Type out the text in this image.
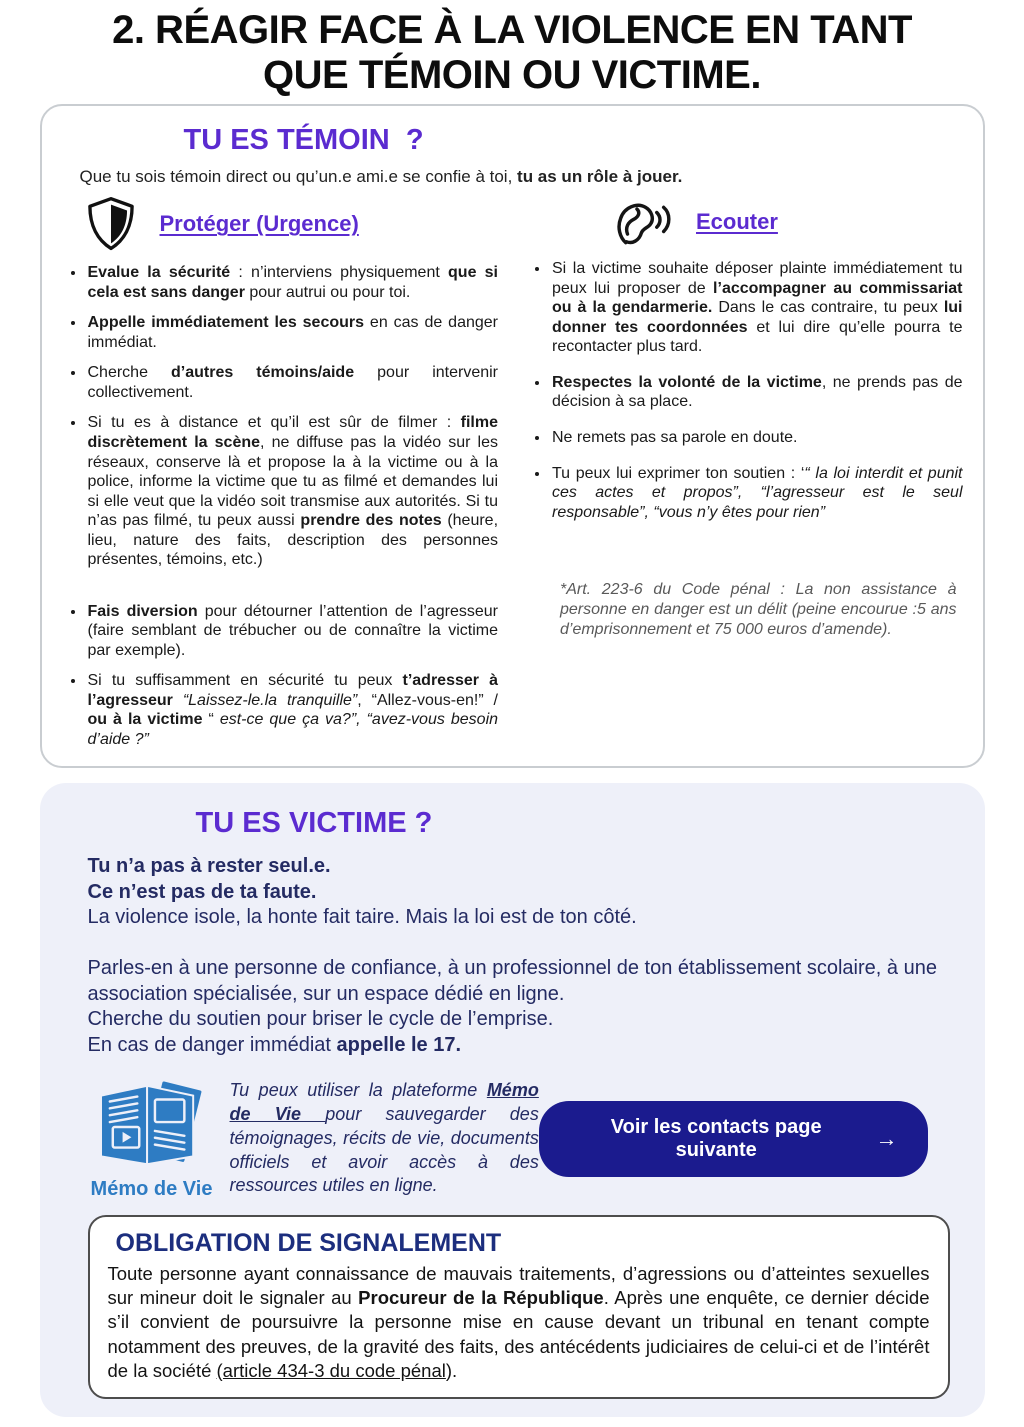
2. RÉAGIR FACE À LA VIOLENCE EN TANT
QUE TÉMOIN OU VICTIME.
TU ES TÉMOIN  ?

Que tu sois témoin direct ou qu’un.e ami.e se confie à toi, tu as un rôle à jouer.

Protéger (Urgence)
• Evalue la sécurité : n’interviens physiquement que si cela est sans danger pour autrui ou pour toi.
• Appelle immédiatement les secours en cas de danger immédiat.
• Cherche d’autres témoins/aide pour intervenir collectivement.
• Si tu es à distance et qu’il est sûr de filmer : filme discrètement la scène, ne diffuse pas la vidéo sur les réseaux, conserve là et propose la à la victime ou à la police, informe la victime que tu as filmé et demandes lui si elle veut que la vidéo soit transmise aux autorités. Si tu n’as pas filmé, tu peux aussi prendre des notes (heure, lieu, nature des faits, description des personnes présentes, témoins, etc.)
• Fais diversion pour détourner l’attention de l’agresseur (faire semblant de trébucher ou de connaître la victime par exemple).
• Si tu suffisamment en sécurité tu peux t’adresser à l’agresseur “Laissez-le.la tranquille”, “Allez-vous-en!” / ou à la victime “ est-ce que ça va?”, “avez-vous besoin d’aide ?”
Ecouter
• Si la victime souhaite déposer plainte immédiatement tu peux lui proposer de l’accompagner au commissariat ou à la gendarmerie. Dans le cas contraire, tu peux lui donner tes coordonnées et lui dire qu’elle pourra te recontacter plus tard.
• Respectes la volonté de la victime, ne prends pas de décision à sa place.
• Ne remets pas sa parole en doute.
• Tu peux lui exprimer ton soutien : ‘“ la loi interdit et punit ces actes et propos”, “l’agresseur est le seul responsable”, “vous n’y êtes pour rien”

*Art. 223-6 du Code pénal : La non assistance à personne en danger est un délit (peine encourue :5 ans d’emprisonnement et 75 000 euros d’amende).

TU ES VICTIME ?

Tu n’a pas à rester seul.e.

Ce n’est pas de ta faute.

La violence isole, la honte fait taire. Mais la loi est de ton côté.

Parles-en à une personne de confiance, à un professionnel de ton établissement scolaire, à une association spécialisée, sur un espace dédié en ligne.

Cherche du soutien pour briser le cycle de l’emprise.

En cas de danger immédiat appelle le 17.

Mémo de Vie

Tu peux utiliser la plateforme Mémo de Vie pour sauvegarder des témoignages, récits de vie, documents officiels et avoir accès à des ressources utiles en ligne.

Voir les contacts page suivante	→
OBLIGATION DE SIGNALEMENT

Toute personne ayant connaissance de mauvais traitements, d’agressions ou d’atteintes sexuelles sur mineur doit le signaler au Procureur de la République. Après une enquête, ce dernier décide s’il convient de poursuivre la personne mise en cause devant un tribunal en tenant compte notamment des preuves, de la gravité des faits, des antécédents judiciaires de celui-ci et de l’intérêt de la société (article 434-3 du code pénal).
